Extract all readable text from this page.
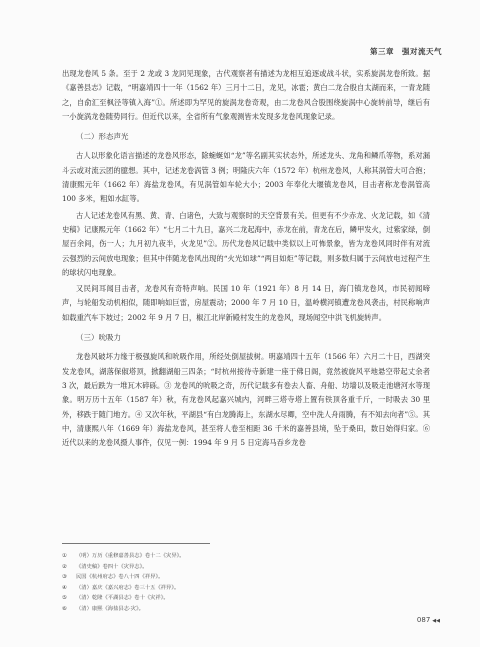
第三章 强对流天气

出现龙卷风 5 条。至于 2 龙或 3 龙同见现象，古代观察者有描述为龙相互追逐或战斗状，实系旋涡龙卷所致。据《嘉善县志》记载，“明嘉靖四十一年（1562 年）三月十二日，龙见，冰雹；黄白二龙合殷自太湖而来，一青龙随之，自俞汇至枫泾等镇入海”①。所述即为罕见的旋涡龙卷奇观，由二龙卷风合股围绕旋涡中心旋转前导，继后有一小旋涡龙卷随势同行。但近代以来，全省所有气象观测皆未发现多龙卷风现象记录。

（二）形态声光

古人以形象化语言描述的龙卷风形态，除蜿蜒如“龙”等名副其实状态外，所述龙头、龙角和鳞爪等物，系对漏斗云或对流云团的臆想。其中，记述龙卷涡管 3 例；明隆庆六年（1572 年）杭州龙卷风，人称其涡管大可合抱；清康熙元年（1662 年）海盐龙卷风，有见涡管如车轮大小；2003 年奉化大堰镇龙卷风，目击者称龙卷涡管高 100 多米，粗如水缸等。

古人记述龙卷风有黑、黄、青、白诸色，大致与观察时的天空背景有关。但更有不少赤龙、火龙记载，如《清史稿》记康熙元年（1662 年）“七月二十九日，嘉兴二龙起海中，赤龙在前，青龙在后，鳞甲发火，过紫家绿，倒屋百余间，伤一人；九月初九夜半，火龙见”②。历代龙卷风记载中类似以上可怖景象，皆为龙卷风同时伴有对流云强烈的云间放电现象；但其中伴随龙卷风出现的“火光如球”“两目如炬”等记载，则多数归属于云间放电过程产生的球状闪电现象。

又民间耳闻目击者，龙卷风有奇特声响。民国 10 年（1921 年）8 月 14 日，海门镇龙卷风，市民初闻啼声，与轮船发动机相似，随即响如巨雷，房屋震动；2000 年 7 月 10 日，温岭横河镇遭龙卷风袭击，村民称响声如载重汽车下坡过；2002 年 9 月 7 日，椒江北岸新殿村发生的龙卷风，现场闻空中洪飞机旋转声。

（三）吮吸力

龙卷风破坏力缘于极强旋风和吮吸作用，所经处倒屋拔树。明嘉靖四十五年（1566 年）六月二十日，西湖突发龙卷风，湖落保俶塔顶，掀翻湖船三四条；“时杭州接待寺新建一座于佛日阁，竟然被旋风平地悬空带起丈余者 3 次，最后跌为一堆瓦木碎砾。③ 龙卷风的吮吸之奇，历代记载多有卷去人畜、舟船、坊墙以及吸走池塘河水等现象。明万历十五年（1587 年）秋，有龙卷风起嘉兴城内，河畔三塔寺塔上置有铁顶各重千斤，一时吸去 30 里外，移跌于随门地方。④ 又次年秋，平湖县“有白龙腾海上，东湖水尽卿，空中洗人舟雨腾，有不知去向者”⑤。其中，清康熙八年（1669 年）海盐龙卷风，甚至将人卷至相距 36 千米的嘉善县境，坠于桑田，数日始得归家。⑥ 近代以来的龙卷风摄人事件，仅见一例：1994 年 9 月 5 日定海马吞乡龙卷

① （明）万历《重修嘉善县志》卷十二《灾异》。
② 《清史稿》卷四十《灾异志》。
③ 民国《杭州府志》卷八十四《祥异》。
④ （清）嘉庆《嘉兴府志》卷三十五《祥异》。
⑤ （清）乾隆《平湖县志》卷十《灾祥》。
⑥ （清）康熙《海盐县志·灾》。
087 ◀◀
